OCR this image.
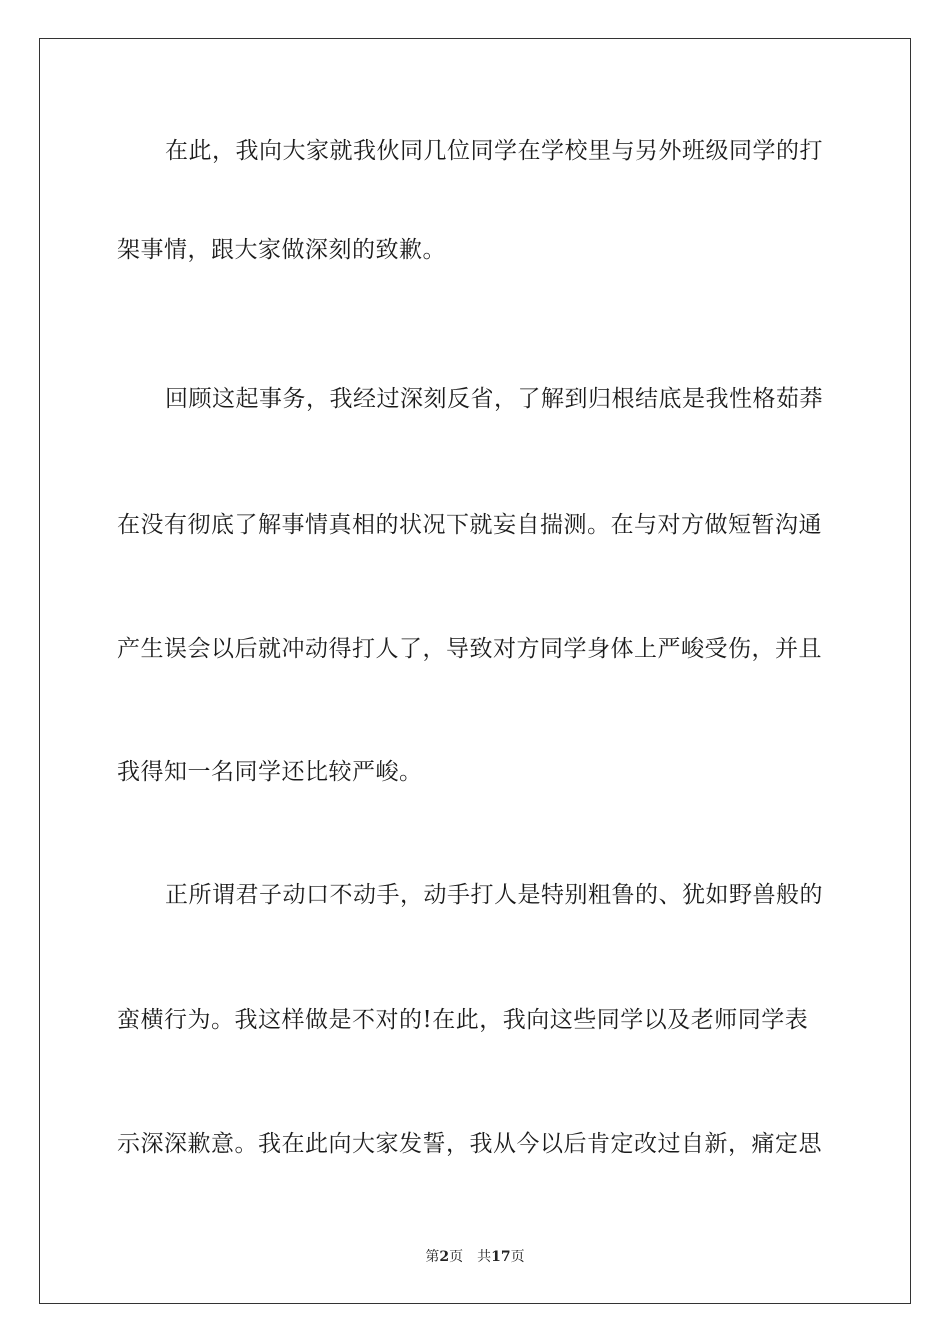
在此，我向大家就我伙同几位同学在学校里与另外班级同学的打
架事情，跟大家做深刻的致歉。
回顾这起事务，我经过深刻反省，了解到归根结底是我性格茹莽
在没有彻底了解事情真相的状况下就妄自揣测。在与对方做短暂沟通
产生误会以后就冲动得打人了，导致对方同学身体上严峻受伤，并且
我得知一名同学还比较严峻。
正所谓君子动口不动手，动手打人是特别粗鲁的、犹如野兽般的
蛮横行为。我这样做是不对的!在此，我向这些同学以及老师同学表
示深深歉意。我在此向大家发誓，我从今以后肯定改过自新，痛定思
第2页 共17页
